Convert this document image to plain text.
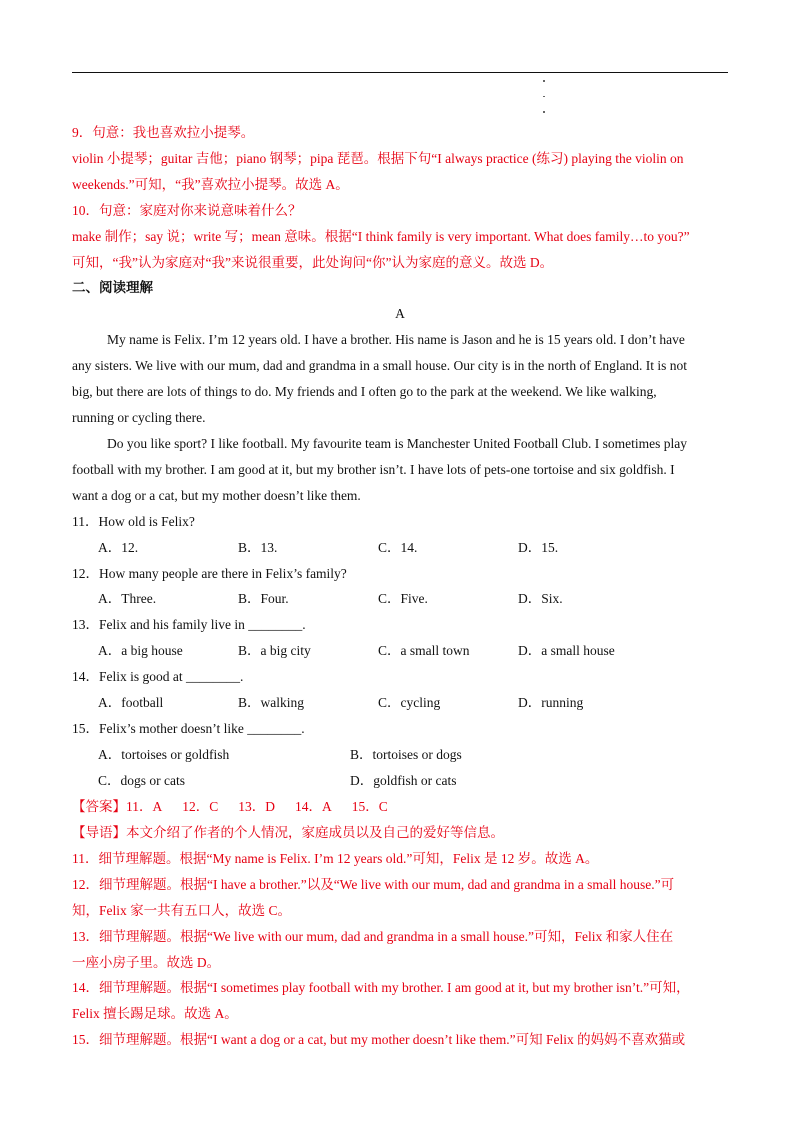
9．句意：我也喜欢拉小提琴。

violin 小提琴；guitar 吉他；piano 钢琴；pipa 琵琶。根据下句“I always practice (练习) playing the violin on

weekends.”可知，“我”喜欢拉小提琴。故选 A。

10．句意：家庭对你来说意味着什么？

make 制作；say 说；write 写；mean 意味。根据“I think family is very important. What does family…to you?”

可知，“我”认为家庭对“我”来说很重要，此处询问“你”认为家庭的意义。故选 D。

二、阅读理解

A

My name is Felix. I’m 12 years old. I have a brother. His name is Jason and he is 15 years old. I don’t have

any sisters. We live with our mum, dad and grandma in a small house. Our city is in the north of England. It is not

big, but there are lots of things to do. My friends and I often go to the park at the weekend. We like walking,

running or cycling there.

Do you like sport? I like football. My favourite team is Manchester United Football Club. I sometimes play

football with my brother. I am good at it, but my brother isn’t. I have lots of pets-one tortoise and six goldfish. I

want a dog or a cat, but my mother doesn’t like them.

11．How old is Felix?

A．12.	B．13.	C．14.	D．15.

12．How many people are there in Felix’s family?

A．Three.	B．Four.	C．Five.	D．Six.

13．Felix and his family live in ________.

A．a big house	B．a big city	C．a small town	D．a small house

14．Felix is good at ________.

A．football	B．walking	C．cycling	D．running

15．Felix’s mother doesn’t like ________.

A．tortoises or goldfish	B．tortoises or dogs
C．dogs or cats	D．goldfish or cats

【答案】11．A 12．C 13．D 14．A 15．C

【导语】本文介绍了作者的个人情况，家庭成员以及自己的爱好等信息。

11．细节理解题。根据“My name is Felix. I’m 12 years old.”可知，Felix 是 12 岁。故选 A。

12．细节理解题。根据“I have a brother.”以及“We live with our mum, dad and grandma in a small house.”可

知，Felix 家一共有五口人，故选 C。

13．细节理解题。根据“We live with our mum, dad and grandma in a small house.”可知，Felix 和家人住在

一座小房子里。故选 D。

14．细节理解题。根据“I sometimes play football with my brother. I am good at it, but my brother isn’t.”可知，

Felix 擅长踢足球。故选 A。

15．细节理解题。根据“I want a dog or a cat, but my mother doesn’t like them.”可知 Felix 的妈妈不喜欢猫或
